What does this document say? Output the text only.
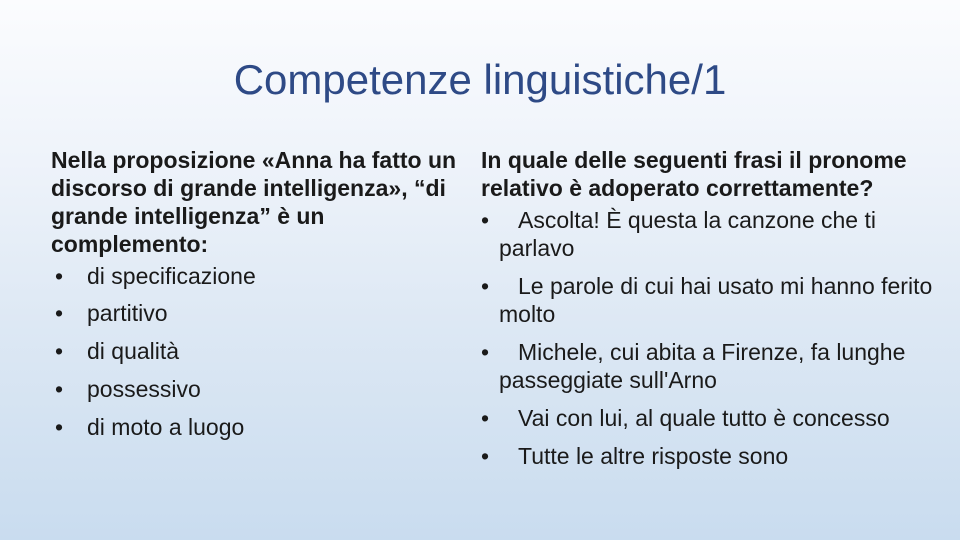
Competenze linguistiche/1

Nella proposizione «Anna ha fatto un discorso di grande intelligenza», “di grande intelligenza” è un complemento:

• di specificazione
• partitivo
• di qualità
• possessivo
• di moto a luogo

In quale delle seguenti frasi il pronome relativo è adoperato correttamente?

•	Ascolta! È questa la canzone che ti parlavo
•	Le parole di cui hai usato mi hanno ferito molto
•	Michele, cui abita a Firenze, fa lunghe passeggiate sull'Arno
•	Vai con lui, al quale tutto è concesso
•	Tutte le altre risposte sono
